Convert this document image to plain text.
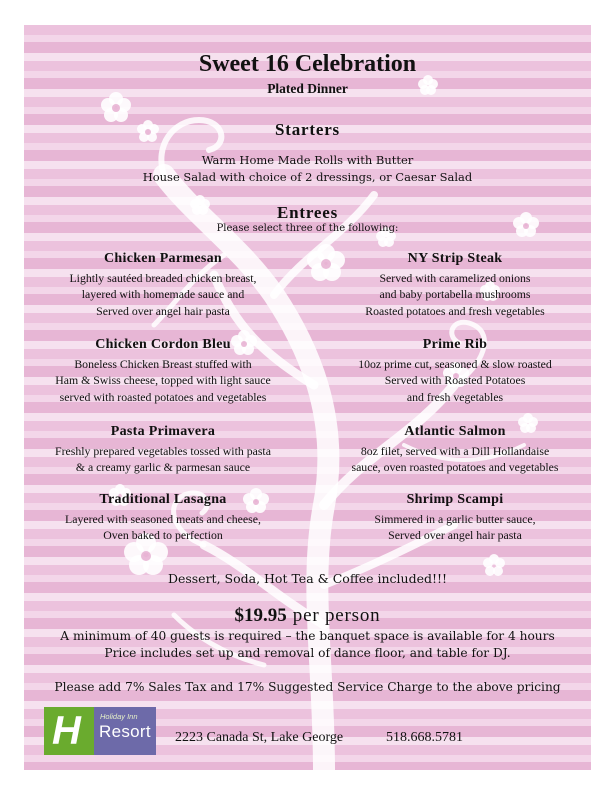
Sweet 16 Celebration
Plated Dinner
Starters
Warm Home Made Rolls with Butter
House Salad with choice of 2 dressings, or Caesar Salad
Entrees
Please select three of the following:
Chicken Parmesan
Lightly sautéed breaded chicken breast,
layered with homemade sauce and
Served over angel hair pasta
NY Strip Steak
Served with caramelized onions
and baby portabella mushrooms
Roasted potatoes and fresh vegetables
Chicken Cordon Bleu
Boneless Chicken Breast stuffed with
Ham & Swiss cheese, topped with light sauce
served with roasted potatoes and vegetables
Prime Rib
10oz prime cut, seasoned & slow roasted
Served with Roasted Potatoes
and fresh vegetables
Pasta Primavera
Freshly prepared vegetables tossed with pasta
& a creamy garlic & parmesan sauce
Atlantic Salmon
8oz filet, served with a Dill Hollandaise
sauce, oven roasted potatoes and vegetables
Traditional Lasagna
Layered with seasoned meats and cheese,
Oven baked to perfection
Shrimp Scampi
Simmered in a garlic butter sauce,
Served over angel hair pasta
Dessert, Soda, Hot Tea & Coffee included!!!
$19.95 per person
A minimum of 40 guests is required – the banquet space is available for 4 hours
Price includes set up and removal of dance floor, and table for DJ.
Please add 7% Sales Tax and 17% Suggested Service Charge to the above pricing
H	Holiday Inn
Resort 2223 Canada St, Lake George	518.668.5781
